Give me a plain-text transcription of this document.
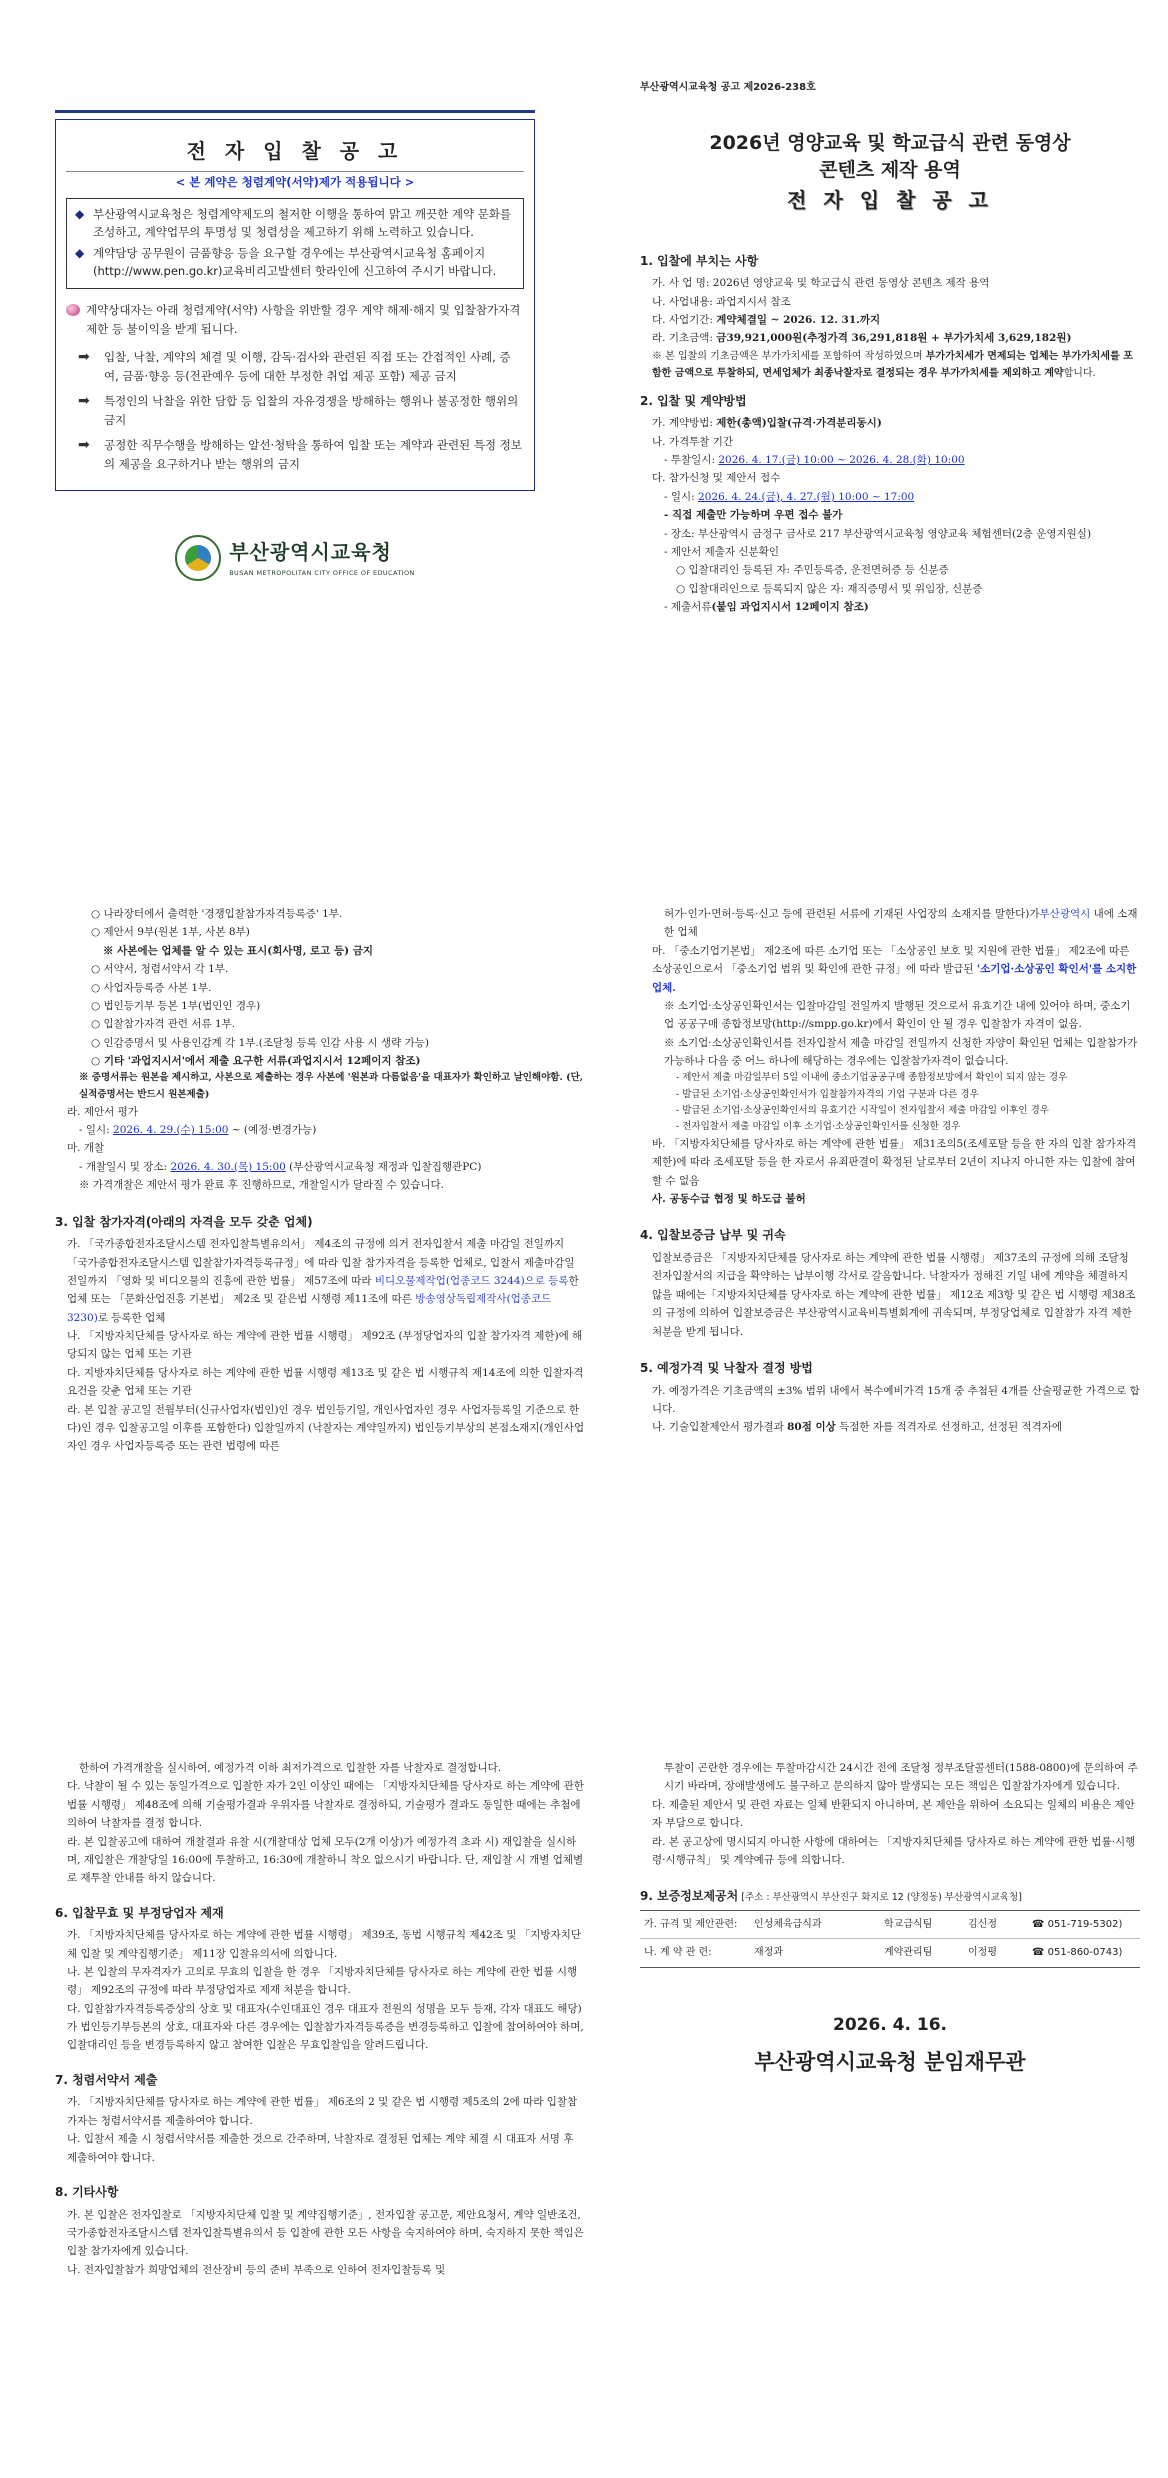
전 자 입 찰 공 고
< 본 계약은 청렴계약(서약)제가 적용됩니다 >
◆ 부산광역시교육청은 청렴계약제도의 철저한 이행을 통하여 맑고 깨끗한 계약 문화를 조성하고, 계약업무의 투명성 및 청렴성을 제고하기 위해 노력하고 있습니다.
◆ 계약담당 공무원이 금품향응 등을 요구할 경우에는 부산광역시교육청 홈페이지(http://www.pen.go.kr)교육비리고발센터 핫라인에 신고하여 주시기 바랍니다.
계약상대자는 아래 청렴계약(서약) 사항을 위반할 경우 계약 해제·해지 및 입찰참가자격 제한 등 불이익을 받게 됩니다.
➡	입찰, 낙찰, 계약의 체결 및 이행, 감독·검사와 관련된 직접 또는 간접적인 사례, 증여, 금품·향응 등(전관예우 등에 대한 부정한 취업 제공 포함) 제공 금지
➡	특정인의 낙찰을 위한 담합 등 입찰의 자유경쟁을 방해하는 행위나 불공정한 행위의 금지
➡	공정한 직무수행을 방해하는 알선·청탁을 통하여 입찰 또는 계약과 관련된 특정 정보의 제공을 요구하거나 받는 행위의 금지
부산광역시교육청
BUSAN METROPOLITAN CITY OFFICE OF EDUCATION
부산광역시교육청 공고 제2026-238호
2026년 영양교육 및 학교급식 관련 동영상
콘텐츠 제작 용역
전 자 입 찰 공 고
1. 입찰에 부치는 사항
가. 사 업 명: 2026년 영양교육 및 학교급식 관련 동영상 콘텐츠 제작 용역
나. 사업내용: 과업지시서 참조
다. 사업기간: 계약체결일 ~ 2026. 12. 31.까지
라. 기초금액: 금39,921,000원(추정가격 36,291,818원 + 부가가치세 3,629,182원)
※ 본 입찰의 기초금액은 부가가치세를 포함하여 작성하였으며 부가가치세가 면제되는 업체는 부가가치세를 포함한 금액으로 투찰하되, 면세업체가 최종낙찰자로 결정되는 경우 부가가치세를 제외하고 계약합니다.
2. 입찰 및 계약방법
가. 계약방법: 제한(총액)입찰(규격·가격분리동시)
나. 가격투찰 기간
- 투찰일시: 2026. 4. 17.(금) 10:00 ~ 2026. 4. 28.(화) 10:00
다. 참가신청 및 제안서 접수
- 일시: 2026. 4. 24.(금), 4. 27.(월) 10:00 ~ 17:00
- 직접 제출만 가능하며 우편 접수 불가
- 장소: 부산광역시 금정구 금사로 217 부산광역시교육청 영양교육 체험센터(2층 운영지원실)
- 제안서 제출자 신분확인
○ 입찰대리인 등록된 자: 주민등록증, 운전면허증 등 신분증
○ 입찰대리인으로 등록되지 않은 자: 재직증명서 및 위임장, 신분증
- 제출서류(붙임 과업지시서 12페이지 참조)
○ 나라장터에서 출력한 '경쟁입찰참가자격등록증' 1부.
○ 제안서 9부(원본 1부, 사본 8부)
※ 사본에는 업체를 알 수 있는 표시(회사명, 로고 등) 금지
○ 서약서, 청렴서약서 각 1부.
○ 사업자등록증 사본 1부.
○ 법인등기부 등본 1부(법인인 경우)
○ 입찰참가자격 관련 서류 1부.
○ 인감증명서 및 사용인감계 각 1부.(조달청 등록 인감 사용 시 생략 가능)
○ 기타 '과업지시서'에서 제출 요구한 서류(과업지시서 12페이지 참조)
※ 증명서류는 원본을 제시하고, 사본으로 제출하는 경우 사본에 '원본과 다름없음'을 대표자가 확인하고 날인해야함. (단, 실적증명서는 반드시 원본제출)
라. 제안서 평가
- 일시: 2026. 4. 29.(수) 15:00 ~ (예정·변경가능)
마. 개찰
- 개찰일시 및 장소: 2026. 4. 30.(목) 15:00 (부산광역시교육청 재정과 입찰집행관PC)
※ 가격개찰은 제안서 평가 완료 후 진행하므로, 개찰일시가 달라질 수 있습니다.
3. 입찰 참가자격(아래의 자격을 모두 갖춘 업체)
가. 「국가종합전자조달시스템 전자입찰특별유의서」 제4조의 규정에 의거 전자입찰서 제출 마감일 전일까지 「국가종합전자조달시스템 입찰참가자격등록규정」에 따라 입찰 참가자격을 등록한 업체로, 입찰서 제출마감일 전일까지 「영화 및 비디오물의 진흥에 관한 법률」 제57조에 따라 비디오물제작업(업종코드 3244)으로 등록한 업체 또는 「문화산업진흥 기본법」 제2조 및 같은법 시행령 제11조에 따른 방송영상독립제작사(업종코드 3230)로 등록한 업체
나. 「지방자치단체를 당사자로 하는 계약에 관한 법률 시행령」 제92조 (부정당업자의 입찰 참가자격 제한)에 해당되지 않는 업체 또는 기관
다. 지방자치단체를 당사자로 하는 계약에 관한 법률 시행령 제13조 및 같은 법 시행규칙 제14조에 의한 입찰자격 요건을 갖춘 업체 또는 기관
라. 본 입찰 공고일 전월부터(신규사업자(법인)인 경우 법인등기일, 개인사업자인 경우 사업자등록일 기준으로 한다)인 경우 입찰공고일 이후를 포함한다) 입찰일까지 (낙찰자는 계약일까지) 법인등기부상의 본점소재지(개인사업자인 경우 사업자등록증 또는 관련 법령에 따른
허가·인가·면허·등록·신고 등에 관련된 서류에 기재된 사업장의 소재지를 말한다)가부산광역시 내에 소재한 업체
마. 「중소기업기본법」 제2조에 따른 소기업 또는 「소상공인 보호 및 지원에 관한 법률」 제2조에 따른 소상공인으로서 「중소기업 범위 및 확인에 관한 규정」에 따라 발급된 '소기업·소상공인 확인서'를 소지한 업체.
※ 소기업·소상공인확인서는 입찰마감일 전일까지 발행된 것으로서 유효기간 내에 있어야 하며, 중소기업 공공구매 종합정보망(http://smpp.go.kr)에서 확인이 안 될 경우 입찰참가 자격이 없음.
※ 소기업·소상공인확인서를 전자입찰서 제출 마감일 전일까지 신청한 자양이 확인된 업체는 입찰참가가 가능하나 다음 중 어느 하나에 해당하는 경우에는 입찰참가자격이 없습니다.
- 제안서 제출 마감일부터 5일 이내에 중소기업공공구매 종합정보망에서 확인이 되지 않는 경우
- 발급된 소기업·소상공인확인서가 입찰참가자격의 기업 구분과 다른 경우
- 발급된 소기업·소상공인확인서의 유효기간 시작일이 전자입찰서 제출 마감일 이후인 경우
- 전자입찰서 제출 마감일 이후 소기업·소상공인확인서를 신청한 경우
바. 「지방자치단체를 당사자로 하는 계약에 관한 법률」 제31조의5(조세포탈 등을 한 자의 입찰 참가자격 제한)에 따라 조세포탈 등을 한 자로서 유죄판결이 확정된 날로부터 2년이 지나지 아니한 자는 입찰에 참여할 수 없음
사. 공동수급 협정 및 하도급 불허
4. 입찰보증금 납부 및 귀속
입찰보증금은 「지방자치단체를 당사자로 하는 계약에 관한 법률 시행령」 제37조의 규정에 의해 조달청 전자입찰서의 지급을 확약하는 납부이행 각서로 갈음합니다. 낙찰자가 정해진 기일 내에 계약을 체결하지 않을 때에는「지방자치단체를 당사자로 하는 계약에 관한 법률」 제12조 제3항 및 같은 법 시행령 제38조의 규정에 의하여 입찰보증금은 부산광역시교육비특별회계에 귀속되며, 부정당업체로 입찰참가 자격 제한 처분을 받게 됩니다.
5. 예정가격 및 낙찰자 결정 방법
가. 예정가격은 기초금액의 ±3% 범위 내에서 복수예비가격 15개 중 추첨된 4개를 산술평균한 가격으로 합니다.
나. 기술입찰제안서 평가결과 80점 이상 득점한 자를 적격자로 선정하고, 선정된 적격자에
한하여 가격개찰을 실시하여, 예정가격 이하 최저가격으로 입찰한 자를 낙찰자로 결정합니다.
다. 낙찰이 될 수 있는 동일가격으로 입찰한 자가 2인 이상인 때에는 「지방자치단체를 당사자로 하는 계약에 관한 법률 시행령」 제48조에 의해 기술평가결과 우위자를 낙찰자로 결정하되, 기술평가 결과도 동일한 때에는 추첨에 의하여 낙찰자를 결정 합니다.
라. 본 입찰공고에 대하여 개찰결과 유찰 시(개찰대상 업체 모두(2개 이상)가 예정가격 초과 시) 재입찰을 실시하며, 재입찰은 개찰당일 16:00에 투찰하고, 16:30에 개찰하니 착오 없으시기 바랍니다. 단, 재입찰 시 개별 업체별로 재투찰 안내를 하지 않습니다.
6. 입찰무효 및 부정당업자 제재
가. 「지방자치단체를 당사자로 하는 계약에 관한 법률 시행령」 제39조, 동법 시행규칙 제42조 및 「지방자치단체 입찰 및 계약집행기준」 제11장 입찰유의서에 의합니다.
나. 본 입찰의 무자격자가 고의로 무효의 입찰을 한 경우 「지방자치단체를 당사자로 하는 계약에 관한 법률 시행령」 제92조의 규정에 따라 부정당업자로 제재 처분을 합니다.
다. 입찰참가자격등록증상의 상호 및 대표자(수인대표인 경우 대표자 전원의 성명을 모두 등재, 각자 대표도 해당)가 법인등기부등본의 상호, 대표자와 다른 경우에는 입찰참가자격등록증을 변경등록하고 입찰에 참여하여야 하며, 입찰대리인 등을 변경등록하지 않고 참여한 입찰은 무효입찰임을 알려드립니다.
7. 청렴서약서 제출
가. 「지방자치단체를 당사자로 하는 계약에 관한 법률」 제6조의 2 및 같은 법 시행령 제5조의 2에 따라 입찰참가자는 청렴서약서를 제출하여야 합니다.
나. 입찰서 제출 시 청렴서약서를 제출한 것으로 간주하며, 낙찰자로 결정된 업체는 계약 체결 시 대표자 서명 후 제출하여야 합니다.
8. 기타사항
가. 본 입찰은 전자입찰로 「지방자치단체 입찰 및 계약집행기준」, 전자입찰 공고문, 제안요청서, 계약 일반조건, 국가종합전자조달시스템 전자입찰특별유의서 등 입찰에 관한 모든 사항을 숙지하여야 하며, 숙지하지 못한 책임은 입찰 참가자에게 있습니다.
나. 전자입찰참가 희망업체의 전산장비 등의 준비 부족으로 인하여 전자입찰등록 및
투찰이 곤란한 경우에는 투찰마감시간 24시간 전에 조달청 정부조달콜센터(1588-0800)에 문의하여 주시기 바라며, 장애발생에도 불구하고 문의하지 않아 발생되는 모든 책임은 입찰참가자에게 있습니다.
다. 제출된 제안서 및 관련 자료는 일체 반환되지 아니하며, 본 제안을 위하여 소요되는 일체의 비용은 제안자 부담으로 합니다.
라. 본 공고상에 명시되지 아니한 사항에 대하여는 「지방자치단체를 당사자로 하는 계약에 관한 법률·시행령·시행규칙」 및 계약예규 등에 의합니다.
9. 보증정보제공처 [주소 : 부산광역시 부산진구 화지로 12 (양정동) 부산광역시교육청]
가. 규격 및 제안관련:	인성체육급식과	학교급식팀	김신정	☎ 051-719-5302)
나. 계 약 관 련:	재정과	계약관리팀	이정평	☎ 051-860-0743)
2026. 4. 16.
부산광역시교육청 분임재무관
